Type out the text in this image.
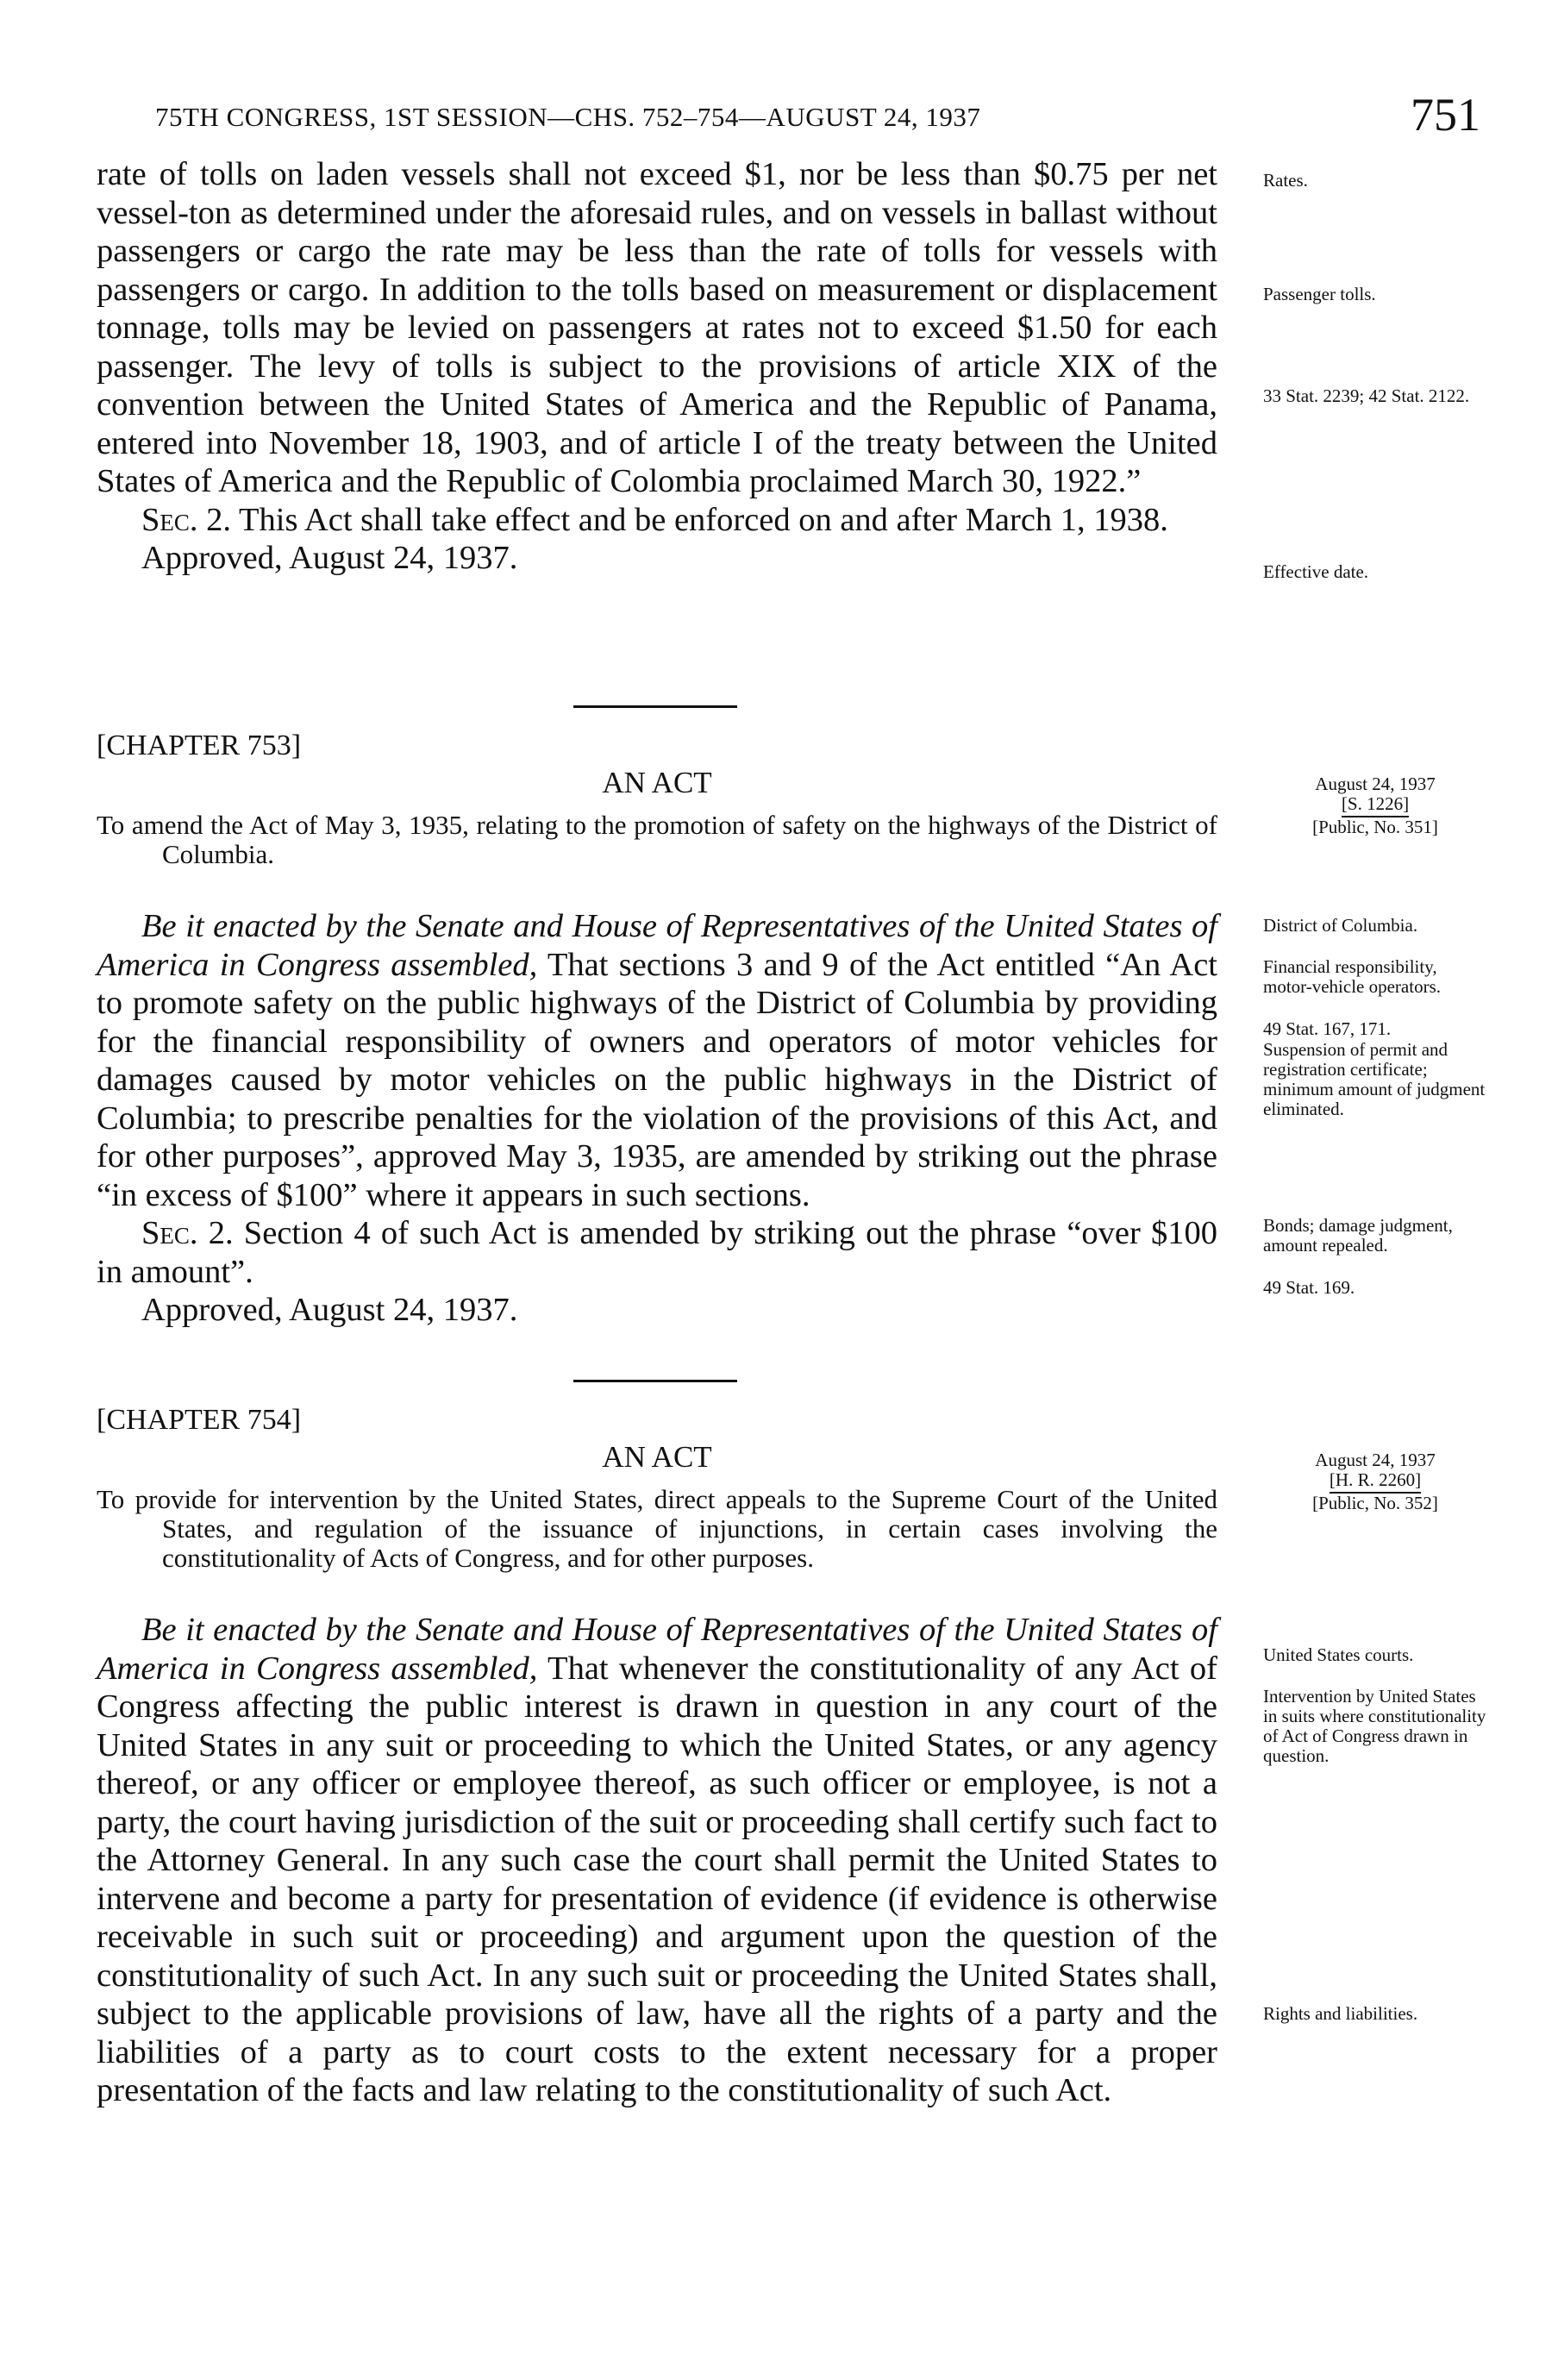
75TH CONGRESS, 1ST SESSION—CHS. 752–754—AUGUST 24, 1937	751

rate of tolls on laden vessels shall not exceed $1, nor be less than $0.75 per net vessel-ton as determined under the aforesaid rules, and on vessels in ballast without passengers or cargo the rate may be less than the rate of tolls for vessels with passengers or cargo. In addition to the tolls based on measurement or displacement tonnage, tolls may be levied on passengers at rates not to exceed $1.50 for each passenger. The levy of tolls is subject to the provisions of article XIX of the convention between the United States of America and the Republic of Panama, entered into November 18, 1903, and of article I of the treaty between the United States of America and the Republic of Colombia proclaimed March 30, 1922.”

Sec. 2. This Act shall take effect and be enforced on and after March 1, 1938.

Approved, August 24, 1937.

[CHAPTER 753]

AN ACT

To amend the Act of May 3, 1935, relating to the promotion of safety on the highways of the District of Columbia.

Be it enacted by the Senate and House of Representatives of the United States of America in Congress assembled, That sections 3 and 9 of the Act entitled “An Act to promote safety on the public highways of the District of Columbia by providing for the financial responsibility of owners and operators of motor vehicles for damages caused by motor vehicles on the public highways in the District of Columbia; to prescribe penalties for the violation of the provisions of this Act, and for other purposes”, approved May 3, 1935, are amended by striking out the phrase “in excess of $100” where it appears in such sections.

Sec. 2. Section 4 of such Act is amended by striking out the phrase “over $100 in amount”.

Approved, August 24, 1937.

[CHAPTER 754]

AN ACT

To provide for intervention by the United States, direct appeals to the Supreme Court of the United States, and regulation of the issuance of injunctions, in certain cases involving the constitutionality of Acts of Congress, and for other purposes.

Be it enacted by the Senate and House of Representatives of the United States of America in Congress assembled, That whenever the constitutionality of any Act of Congress affecting the public interest is drawn in question in any court of the United States in any suit or proceeding to which the United States, or any agency thereof, or any officer or employee thereof, as such officer or employee, is not a party, the court having jurisdiction of the suit or proceeding shall certify such fact to the Attorney General. In any such case the court shall permit the United States to intervene and become a party for presentation of evidence (if evidence is otherwise receivable in such suit or proceeding) and argument upon the question of the constitutionality of such Act. In any such suit or proceeding the United States shall, subject to the applicable provisions of law, have all the rights of a party and the liabilities of a party as to court costs to the extent necessary for a proper presentation of the facts and law relating to the constitutionality of such Act.

Rates.
Passenger tolls.
33 Stat. 2239; 42 Stat. 2122.
Effective date.
August 24, 1937
[S. 1226]
[Public, No. 351]
District of Columbia.
Financial responsibility, motor-vehicle operators.
49 Stat. 167, 171.
Suspension of permit and registration certificate; minimum amount of judgment eliminated.
Bonds; damage judgment, amount repealed.
49 Stat. 169.
August 24, 1937
[H. R. 2260]
[Public, No. 352]
United States courts.
Intervention by United States in suits where constitutionality of Act of Congress drawn in question.
Rights and liabilities.
